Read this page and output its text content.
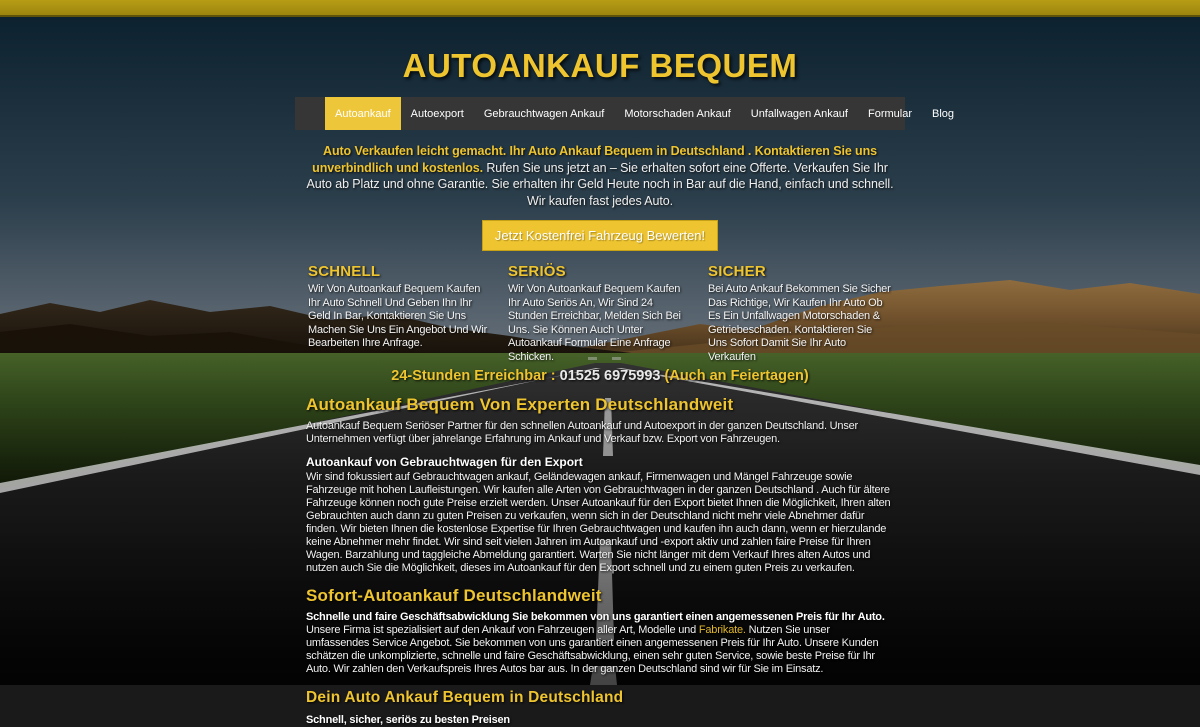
AUTOANKAUF BEQUEM
Autoankauf	Autoexport	Gebrauchtwagen Ankauf	Motorschaden Ankauf	Unfallwagen Ankauf	Formular	Blog

Auto Verkaufen leicht gemacht. Ihr Auto Ankauf Bequem in Deutschland . Kontaktieren Sie uns unverbindlich und kostenlos. Rufen Sie uns jetzt an – Sie erhalten sofort eine Offerte. Verkaufen Sie Ihr Auto ab Platz und ohne Garantie. Sie erhalten ihr Geld Heute noch in Bar auf die Hand, einfach und schnell. Wir kaufen fast jedes Auto.

Jetzt Kostenfrei Fahrzeug Bewerten!
SCHNELL

Wir Von Autoankauf Bequem Kaufen Ihr Auto Schnell Und Geben Ihn Ihr Geld In Bar, Kontaktieren Sie Uns Machen Sie Uns Ein Angebot Und Wir Bearbeiten Ihre Anfrage.

SERIÖS

Wir Von Autoankauf Bequem Kaufen Ihr Auto Seriös An, Wir Sind 24 Stunden Erreichbar, Melden Sich Bei Uns. Sie Können Auch Unter Autoankauf Formular Eine Anfrage Schicken.

SICHER

Bei Auto Ankauf Bekommen Sie Sicher Das Richtige, Wir Kaufen Ihr Auto Ob Es Ein Unfallwagen Motorschaden & Getriebeschaden. Kontaktieren Sie Uns Sofort Damit Sie Ihr Auto Verkaufen

24-Stunden Erreichbar : 01525 6975993 (Auch an Feiertagen)

Autoankauf Bequem Von Experten Deutschlandweit

Autoankauf Bequem Seriöser Partner für den schnellen Autoankauf und Autoexport in der ganzen Deutschland. Unser Unternehmen verfügt über jahrelange Erfahrung im Ankauf und Verkauf bzw. Export von Fahrzeugen.

Autoankauf von Gebrauchtwagen für den Export

Wir sind fokussiert auf Gebrauchtwagen ankauf, Geländewagen ankauf, Firmenwagen und Mängel Fahrzeuge sowie Fahrzeuge mit hohen Laufleistungen. Wir kaufen alle Arten von Gebrauchtwagen in der ganzen Deutschland . Auch für ältere Fahrzeuge können noch gute Preise erzielt werden. Unser Autoankauf für den Export bietet Ihnen die Möglichkeit, Ihren alten Gebrauchten auch dann zu guten Preisen zu verkaufen, wenn sich in der Deutschland nicht mehr viele Abnehmer dafür finden. Wir bieten Ihnen die kostenlose Expertise für Ihren Gebrauchtwagen und kaufen ihn auch dann, wenn er hierzulande keine Abnehmer mehr findet. Wir sind seit vielen Jahren im Autoankauf und -export aktiv und zahlen faire Preise für Ihren Wagen. Barzahlung und taggleiche Abmeldung garantiert. Warten Sie nicht länger mit dem Verkauf Ihres alten Autos und nutzen auch Sie die Möglichkeit, dieses im Autoankauf für den Export schnell und zu einem guten Preis zu verkaufen.

Sofort-Autoankauf Deutschlandweit

Schnelle und faire Geschäftsabwicklung Sie bekommen von uns garantiert einen angemessenen Preis für Ihr Auto. Unsere Firma ist spezialisiert auf den Ankauf von Fahrzeugen aller Art, Modelle und Fabrikate. Nutzen Sie unser umfassendes Service Angebot. Sie bekommen von uns garantiert einen angemessenen Preis für Ihr Auto. Unsere Kunden schätzen die unkomplizierte, schnelle und faire Geschäftsabwicklung, einen sehr guten Service, sowie beste Preise für Ihr Auto. Wir zahlen den Verkaufspreis Ihres Autos bar aus. In der ganzen Deutschland sind wir für Sie im Einsatz.

Dein Auto Ankauf Bequem in Deutschland

Schnell, sicher, seriös zu besten Preisen
